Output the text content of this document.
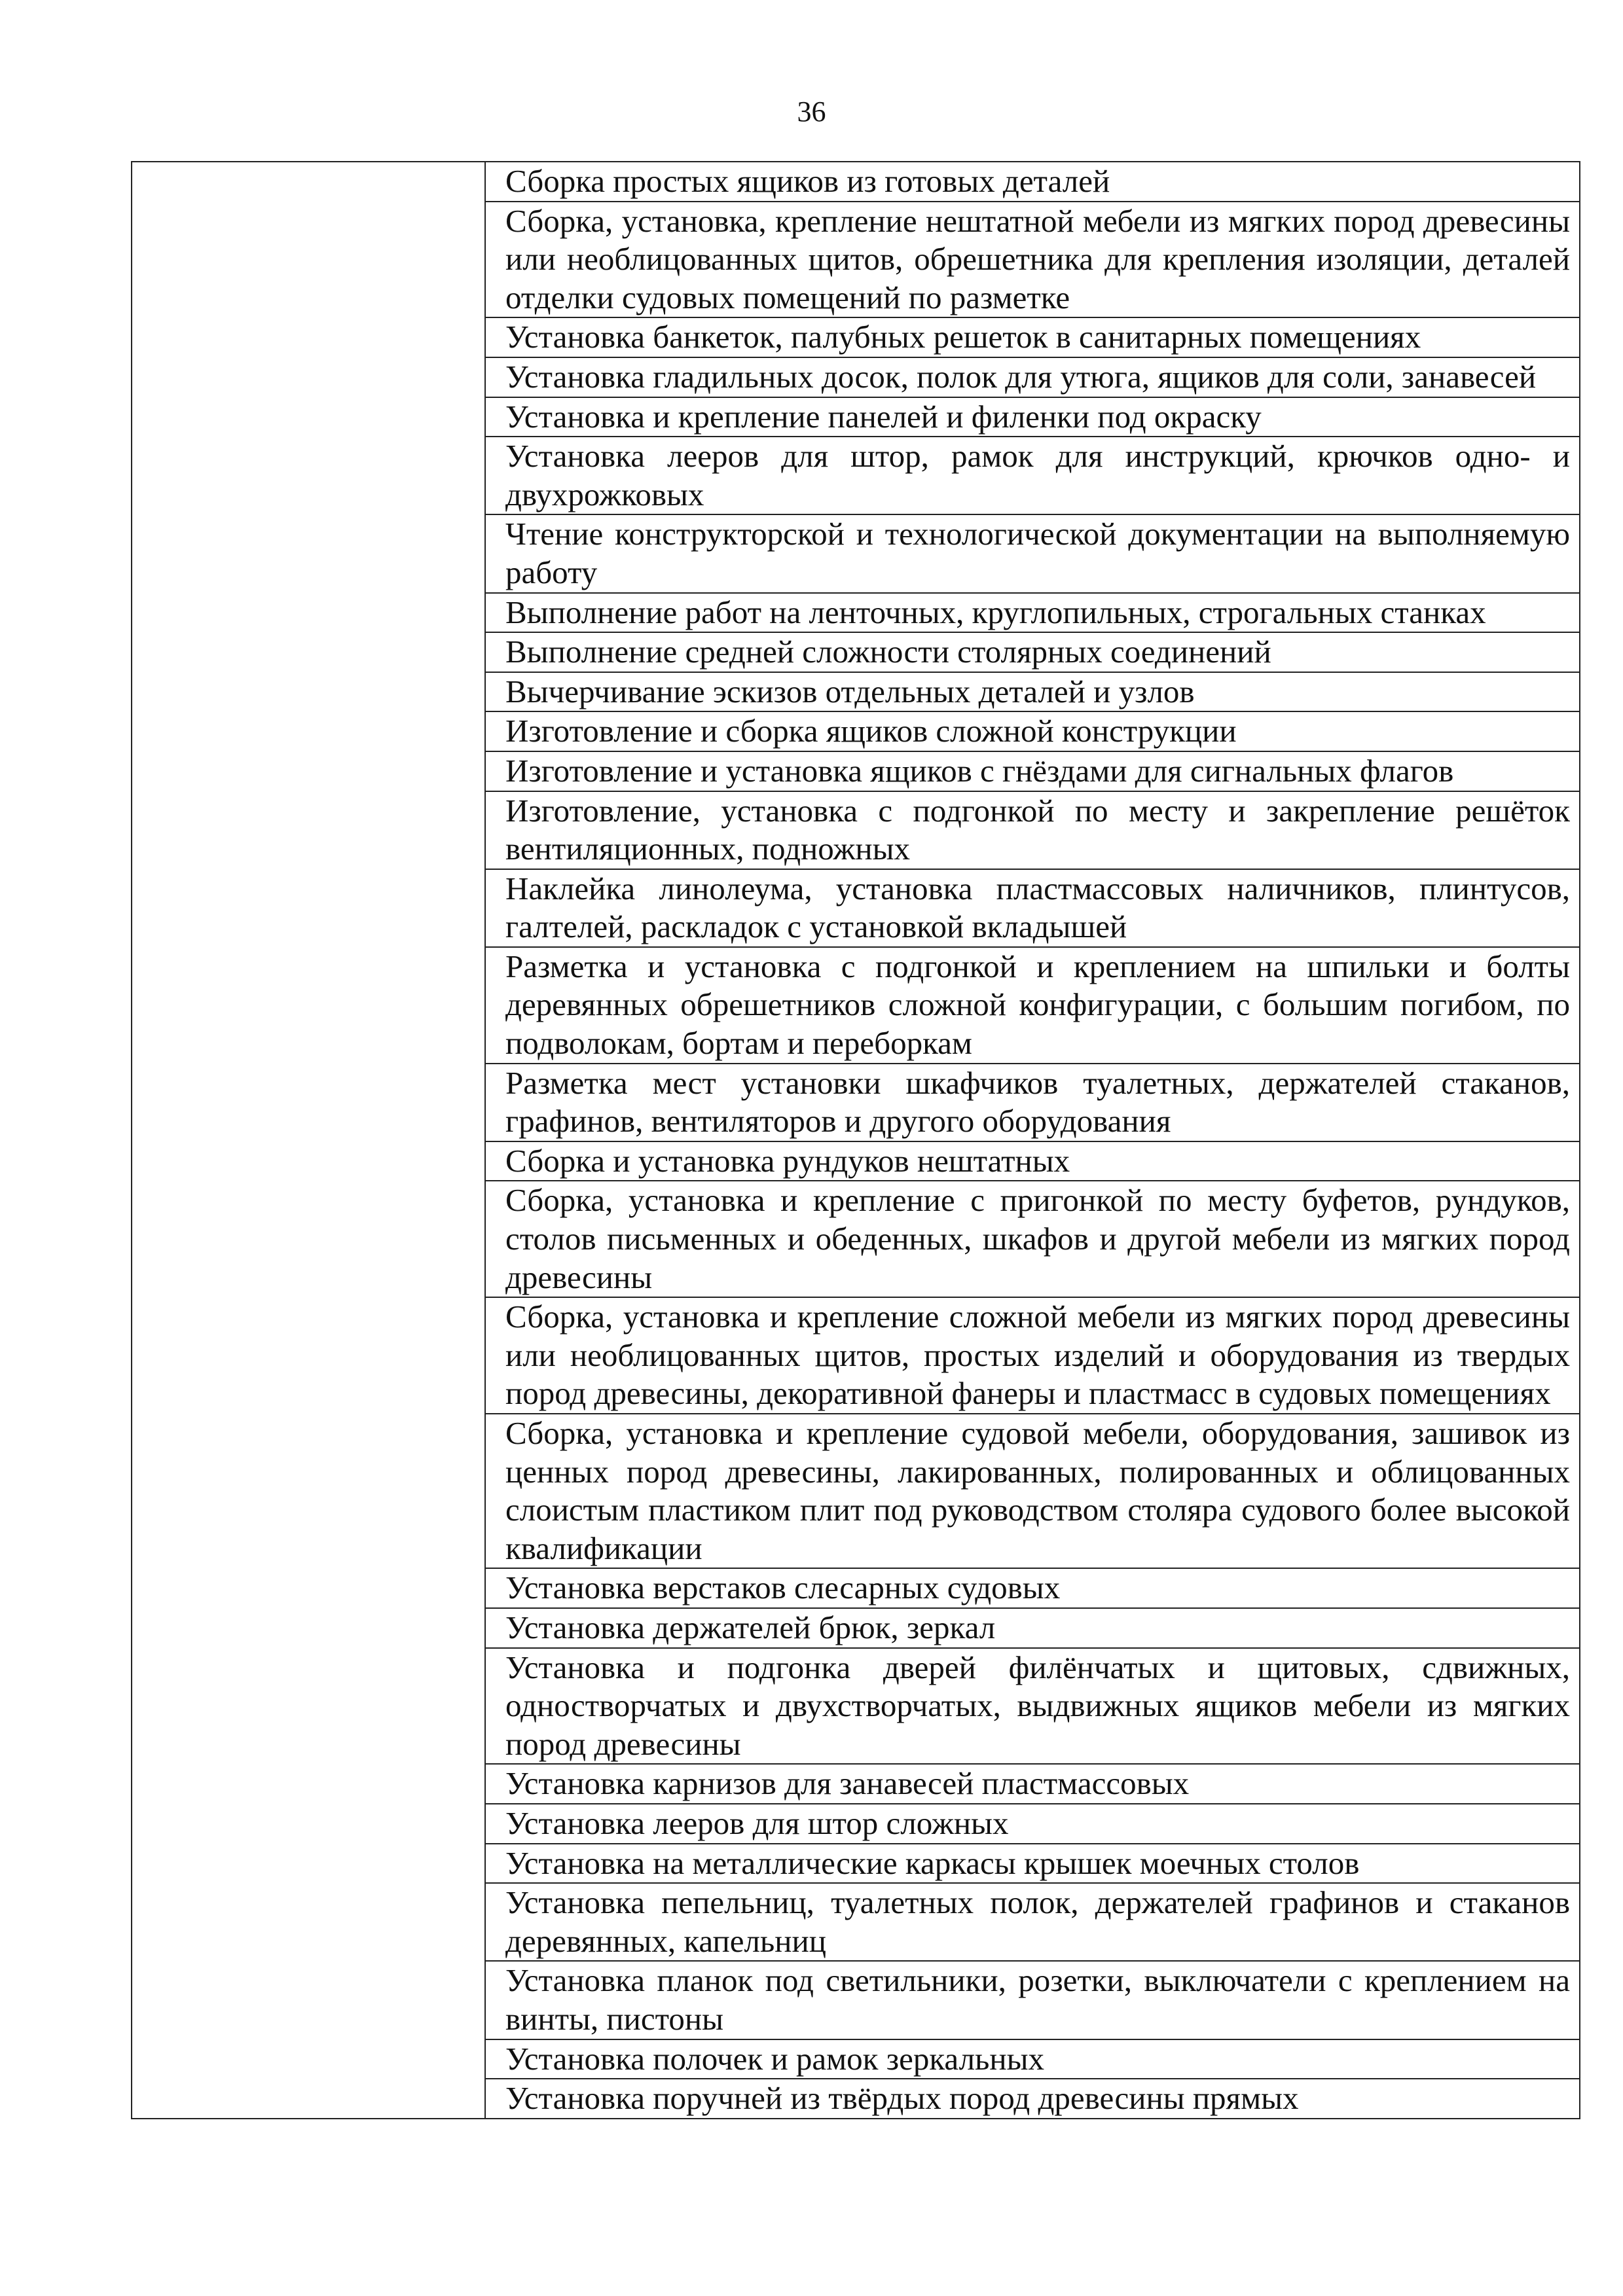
36

Сборка простых ящиков из готовых деталей

Сборка, установка, крепление нештатной мебели из мягких пород древесины или необлицованных щитов, обрешетника для крепления изоляции, деталей отделки судовых помещений по разметке

Установка банкеток, палубных решеток в санитарных помещениях

Установка гладильных досок, полок для утюга, ящиков для соли, занавесей

Установка и крепление панелей и филенки под окраску

Установка лееров для штор, рамок для инструкций, крючков одно- и двухрожковых

Чтение конструкторской и технологической документации на выполняемую работу

Выполнение работ на ленточных, круглопильных, строгальных станках

Выполнение средней сложности столярных соединений

Вычерчивание эскизов отдельных деталей и узлов

Изготовление и сборка ящиков сложной конструкции

Изготовление и установка ящиков с гнёздами для сигнальных флагов

Изготовление, установка с подгонкой по месту и закрепление решёток вентиляционных, подножных

Наклейка линолеума, установка пластмассовых наличников, плинтусов, галтелей, раскладок с установкой вкладышей

Разметка и установка с подгонкой и креплением на шпильки и болты деревянных обрешетников сложной конфигурации, с большим погибом, по подволокам, бортам и переборкам

Разметка мест установки шкафчиков туалетных, держателей стаканов, графинов, вентиляторов и другого оборудования

Сборка и установка рундуков нештатных

Сборка, установка и крепление с пригонкой по месту буфетов, рундуков, столов письменных и обеденных, шкафов и другой мебели из мягких пород древесины

Сборка, установка и крепление сложной мебели из мягких пород древесины или необлицованных щитов, простых изделий и оборудования из твердых пород древесины, декоративной фанеры и пластмасс в судовых помещениях

Сборка, установка и крепление судовой мебели, оборудования, зашивок из ценных пород древесины, лакированных, полированных и облицованных слоистым пластиком плит под руководством столяра судового более высокой квалификации

Установка верстаков слесарных судовых

Установка держателей брюк, зеркал

Установка и подгонка дверей филёнчатых и щитовых, сдвижных, одностворчатых и двухстворчатых, выдвижных ящиков мебели из мягких пород древесины

Установка карнизов для занавесей пластмассовых

Установка лееров для штор сложных

Установка на металлические каркасы крышек моечных столов

Установка пепельниц, туалетных полок, держателей графинов и стаканов деревянных, капельниц

Установка планок под светильники, розетки, выключатели с креплением на винты, пистоны

Установка полочек и рамок зеркальных

Установка поручней из твёрдых пород древесины прямых
